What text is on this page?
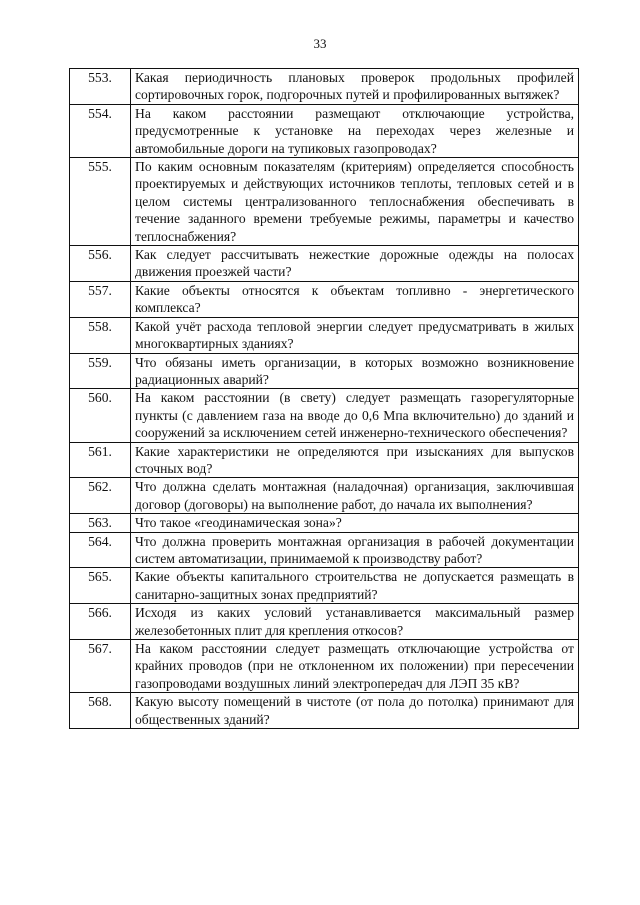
33
553.	Какая периодичность плановых проверок продольных профилей сортировочных горок, подгорочных путей и профилированных вытяжек?
554.	На каком расстоянии размещают отключающие устройства, предусмотренные к установке на переходах через железные и автомобильные дороги на тупиковых газопроводах?
555.	По каким основным показателям (критериям) определяется способность проектируемых и действующих источников теплоты, тепловых сетей и в целом системы централизованного теплоснабжения обеспечивать в течение заданного времени требуемые режимы, параметры и качество теплоснабжения?
556.	Как следует рассчитывать нежесткие дорожные одежды на полосах движения проезжей части?
557.	Какие объекты относятся к объектам топливно - энергетического комплекса?
558.	Какой учёт расхода тепловой энергии следует предусматривать в жилых многоквартирных зданиях?
559.	Что обязаны иметь организации, в которых возможно возникновение радиационных аварий?
560.	На каком расстоянии (в свету) следует размещать газорегуляторные пункты (с давлением газа на вводе до 0,6 Мпа включительно) до зданий и сооружений за исключением сетей инженерно-технического обеспечения?
561.	Какие характеристики не определяются при изысканиях для выпусков сточных вод?
562.	Что должна сделать монтажная (наладочная) организация, заключившая договор (договоры) на выполнение работ, до начала их выполнения?
563.	Что такое «геодинамическая зона»?
564.	Что должна проверить монтажная организация в рабочей документации систем автоматизации, принимаемой к производству работ?
565.	Какие объекты капитального строительства не допускается размещать в санитарно-защитных зонах предприятий?
566.	Исходя из каких условий устанавливается максимальный размер железобетонных плит для крепления откосов?
567.	На каком расстоянии следует размещать отключающие устройства от крайних проводов (при не отклоненном их положении) при пересечении газопроводами воздушных линий электропередач для ЛЭП 35 кВ?
568.	Какую высоту помещений в чистоте (от пола до потолка) принимают для общественных зданий?
